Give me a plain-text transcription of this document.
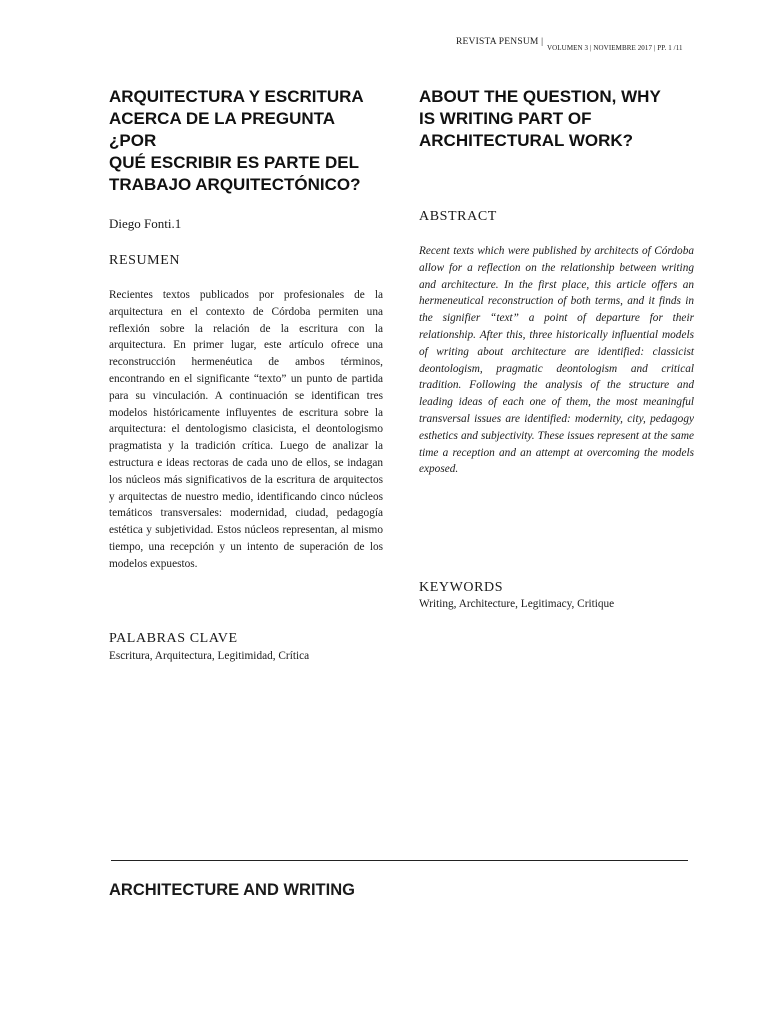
REVISTA PENSUM |
VOLUMEN 3 | NOVIEMBRE 2017 | PP. 1 /11
ARQUITECTURA Y ESCRITURA
ACERCA DE LA PREGUNTA
¿POR
QUÉ ESCRIBIR ES PARTE DEL
TRABAJO ARQUITECTÓNICO?
ABOUT THE QUESTION, WHY
IS WRITING PART OF
ARCHITECTURAL WORK?
Diego Fonti.1
RESUMEN
ABSTRACT

Recientes textos publicados por profesionales de la arquitectura en el contexto de Córdoba permiten una reflexión sobre la relación de la escritura con la arquitectura. En primer lugar, este artículo ofrece una reconstrucción hermenéutica de ambos términos, encontrando en el significante “texto” un punto de partida para su vinculación. A continuación se identifican tres modelos históricamente influyentes de escritura sobre la arquitectura: el dentologismo clasicista, el deontologismo pragmatista y la tradición crítica. Luego de analizar la estructura e ideas rectoras de cada uno de ellos, se indagan los núcleos más significativos de la escritura de arquitectos y arquitectas de nuestro medio, identificando cinco núcleos temáticos transversales: modernidad, ciudad, pedagogía estética y subjetividad. Estos núcleos representan, al mismo tiempo, una recepción y un intento de superación de los modelos expuestos.

Recent texts which were published by architects of Córdoba allow for a reflection on the relationship between writing and architecture. In the first place, this article offers an hermeneutical reconstruction of both terms, and it finds in the signifier “text” a point of departure for their relationship. After this, three historically influential models of writing about architecture are identified: classicist deontologism, pragmatic deontologism and critical tradition. Following the analysis of the structure and leading ideas of each one of them, the most meaningful transversal issues are identified: modernity, city, pedagogy esthetics and subjectivity. These issues represent at the same time a reception and an attempt at overcoming the models exposed.

KEYWORDS

Writing, Architecture, Legitimacy, Critique

PALABRAS CLAVE

Escritura, Arquitectura, Legitimidad, Crítica

ARCHITECTURE AND WRITING
